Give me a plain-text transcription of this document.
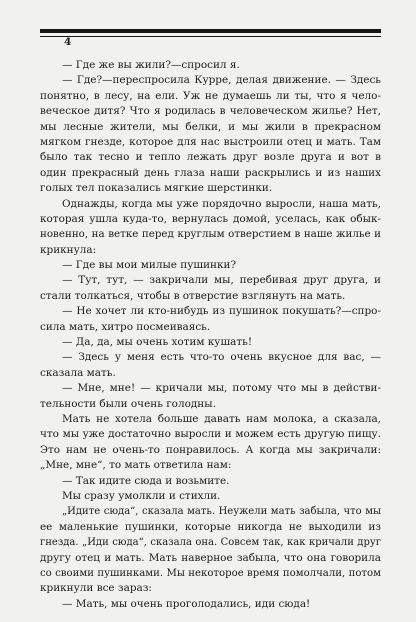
4
— Где же вы жили?—спросил я.
— Где?—переспросила Курре, делая движение. — Здесь
понятно, в лесу, на ели. Уж не думаешь ли ты, что я чело-
веческое дитя? Что я родилась в человеческом жилье? Нет,
мы лесные жители, мы белки, и мы жили в прекрасном
мягком гнезде, которое для нас выстроили отец и мать. Там
было так тесно и тепло лежать друг возле друга и вот в
один прекрасный день глаза наши раскрылись и из наших
голых тел показались мягкие шерстинки.
Однажды, когда мы уже порядочно выросли, наша мать,
которая ушла куда-то, вернулась домой, уселась, как обык-
новенно, на ветке перед круглым отверстием в наше жилье и
крикнула:
— Где вы мои милые пушинки?
— Тут, тут, — закричали мы, перебивая друг друга, и
стали толкаться, чтобы в отверстие взглянуть на мать.
— Не хочет ли кто-нибудь из пушинок покушать?—спро-
сила мать, хитро посмеиваясь.
— Да, да, мы очень хотим кушать!
— Здесь у меня есть что-то очень вкусное для вас, —
сказала мать.
— Мне, мне! — кричали мы, потому что мы в действи-
тельности были очень голодны.
Мать не хотела больше давать нам молока, а сказала,
что мы уже достаточно выросли и можем есть другую пищу.
Это нам не очень-то понравилось. А когда мы закричали:
„Мне, мне“, то мать ответила нам:
— Так идите сюда и возьмите.
Мы сразу умолкли и стихли.
„Идите сюда“, сказала мать. Неужели мать забыла, что мы
ее маленькие пушинки, которые никогда не выходили из
гнезда. „Иди сюда“, сказала она. Совсем так, как кричали друг
другу отец и мать. Мать наверное забыла, что она говорила
со своими пушинками. Мы некоторое время помолчали, потом
крикнули все зараз:
— Мать, мы очень проголодались, иди сюда!
